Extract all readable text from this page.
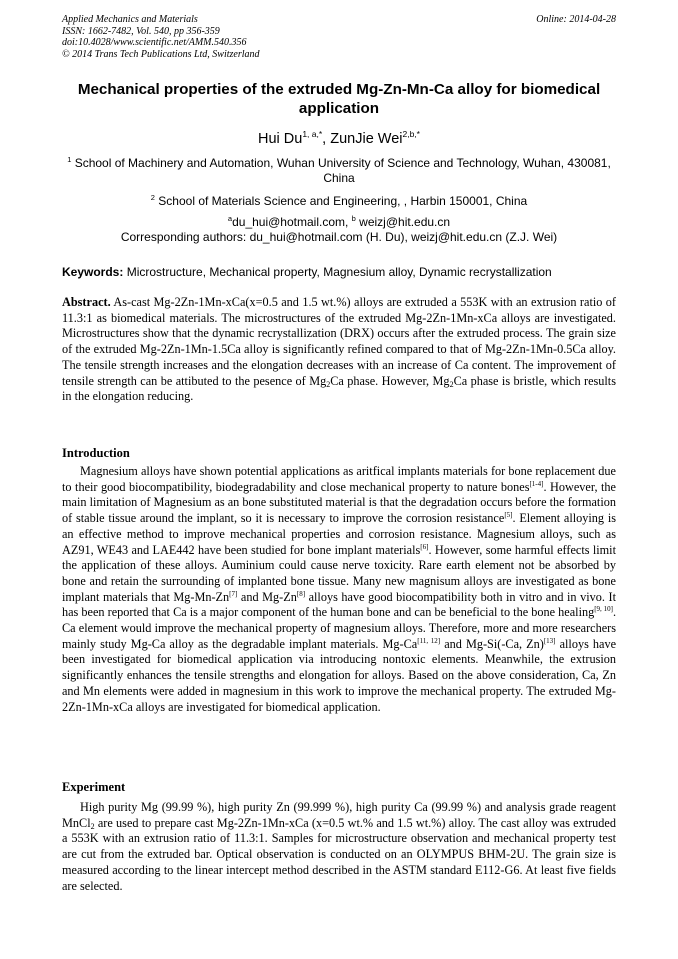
Applied Mechanics and Materials
ISSN: 1662-7482, Vol. 540, pp 356-359
doi:10.4028/www.scientific.net/AMM.540.356
© 2014 Trans Tech Publications Ltd, Switzerland
Online: 2014-04-28
Mechanical properties of the extruded Mg-Zn-Mn-Ca alloy for biomedical application
Hui $Du^{1, a,*}$, ZunJie Wei$^{2,b,*}$
$^1$ School of Machinery and Automation, Wuhan University of Science and Technology, Wuhan, 430081, China
$^2$ School of Materials Science and Engineering, , Harbin 150001, China
$^a$du_hui@hotmail.com, $^b$ weizj@hit.edu.cn
Corresponding authors: du_hui@hotmail.com (H. Du), weizj@hit.edu.cn (Z.J. Wei)
Keywords: Microstructure, Mechanical property, Magnesium alloy, Dynamic recrystallization

Abstract. As-cast Mg-2Zn-1Mn-xCa(x=0.5 and 1.5 wt.%) alloys are extruded a 553K with an extrusion ratio of 11.3:1 as biomedical materials. The microstructures of the extruded Mg-2Zn-1Mn-xCa alloys are investigated. Microstructures show that the dynamic recrystallization (DRX) occurs after the extruded process. The grain size of the extruded Mg-2Zn-1Mn-1.5Ca alloy is significantly refined compared to that of Mg-2Zn-1Mn-0.5Ca alloy. The tensile strength increases and the elongation decreases with an increase of Ca content. The improvement of tensile strength can be attibuted to the pesence of $Mg_2Ca$ phase. However, $Mg_2Ca$ phase is bristle, which results in the elongation reducing.

Introduction

Magnesium alloys have shown potential applications as aritfical implants materials for bone replacement due to their good biocompatibility, biodegradability and close mechanical property to nature bones[1-4]. However, the main limitation of Magnesium as an bone substituted material is that the degradation occurs before the formation of stable tissue around the implant, so it is necessary to improve the corrosion resistance[5]. Element alloying is an effective method to improve mechanical properties and corrosion resistance. Magnesium alloys, such as AZ91, WE43 and LAE442 have been studied for bone implant materials[6]. However, some harmful effects limit the application of these alloys. Auminium could cause nerve toxicity. Rare earth element not be absorbed by bone and retain the surrounding of implanted bone tissue. Many new magnisum alloys are investigated as bone implant materials that Mg-Mn-Zn[7] and Mg-Zn[8] alloys have good biocompatibility both in vitro and in vivo. It has been reported that Ca is a major component of the human bone and can be beneficial to the bone healing[9, 10]. Ca element would improve the mechanical property of magnesium alloys. Therefore, more and more researchers mainly study Mg-Ca alloy as the degradable implant materials. Mg-Ca[11, 12] and Mg-Si(-Ca, Zn)[13] alloys have been investigated for biomedical application via introducing nontoxic elements. Meanwhile, the extrusion significantly enhances the tensile strengths and elongation for alloys. Based on the above consideration, Ca, Zn and Mn elements were added in magnesium in this work to improve the mechanical property. The extruded Mg-2Zn-1Mn-xCa alloys are investigated for biomedical application.

Experiment

High purity Mg (99.99 %), high purity Zn (99.999 %), high purity Ca (99.99 %) and analysis grade reagent MnCl$_2$ are used to prepare cast Mg-2Zn-1Mn-xCa (x=0.5 wt.% and 1.5 wt.%) alloy. The cast alloy was extruded a 553K with an extrusion ratio of 11.3:1. Samples for microstructure observation and mechanical property test are cut from the extruded bar. Optical observation is conducted on an OLYMPUS BHM-2U. The grain size is measured according to the linear intercept method described in the ASTM standard E112-G6. At least five fields are selected.
